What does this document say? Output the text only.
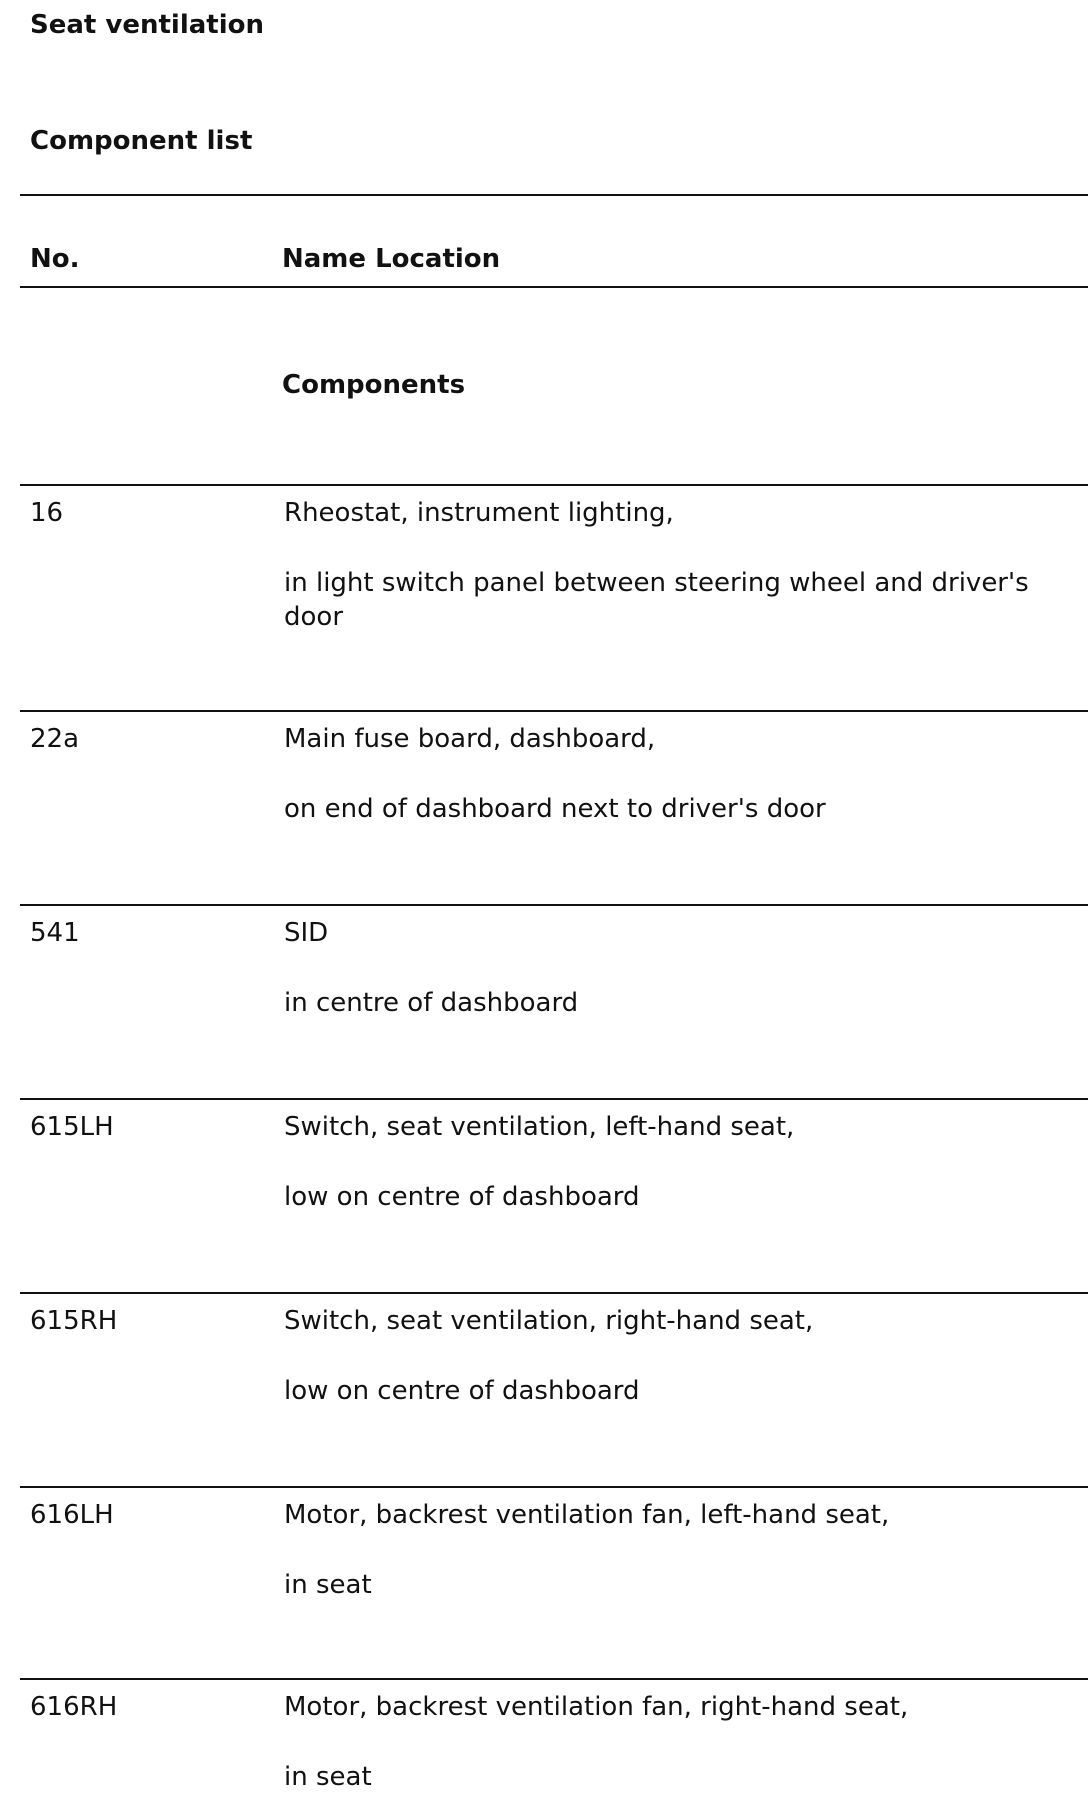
Seat ventilation
Component list
No.	Name Location
Components
16	Rheostat, instrument lighting,
in light switch panel between steering wheel and driver's door
22a	Main fuse board, dashboard,
on end of dashboard next to driver's door
541	SID
in centre of dashboard
615LH	Switch, seat ventilation, left-hand seat,
low on centre of dashboard
615RH	Switch, seat ventilation, right-hand seat,
low on centre of dashboard
616LH	Motor, backrest ventilation fan, left-hand seat,
in seat
616RH	Motor, backrest ventilation fan, right-hand seat,
in seat
